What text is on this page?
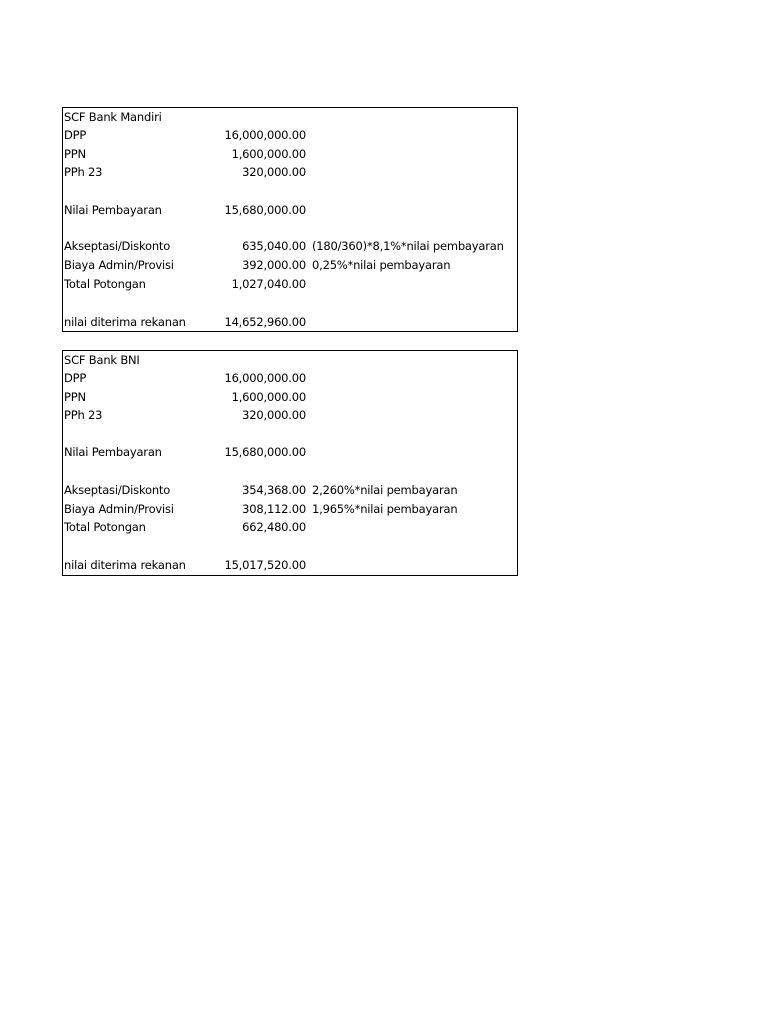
SCF Bank Mandiri
DPP	16,000,000.00
PPN	1,600,000.00
PPh 23	320,000.00
Nilai Pembayaran	15,680,000.00
Akseptasi/Diskonto	635,040.00 (180/360)*8,1%*nilai pembayaran
Biaya Admin/Provisi	392,000.00 0,25%*nilai pembayaran
Total Potongan	1,027,040.00
nilai diterima rekanan	14,652,960.00
SCF Bank BNI
DPP	16,000,000.00
PPN	1,600,000.00
PPh 23	320,000.00
Nilai Pembayaran	15,680,000.00
Akseptasi/Diskonto	354,368.00 2,260%*nilai pembayaran
Biaya Admin/Provisi	308,112.00 1,965%*nilai pembayaran
Total Potongan	662,480.00
nilai diterima rekanan	15,017,520.00
